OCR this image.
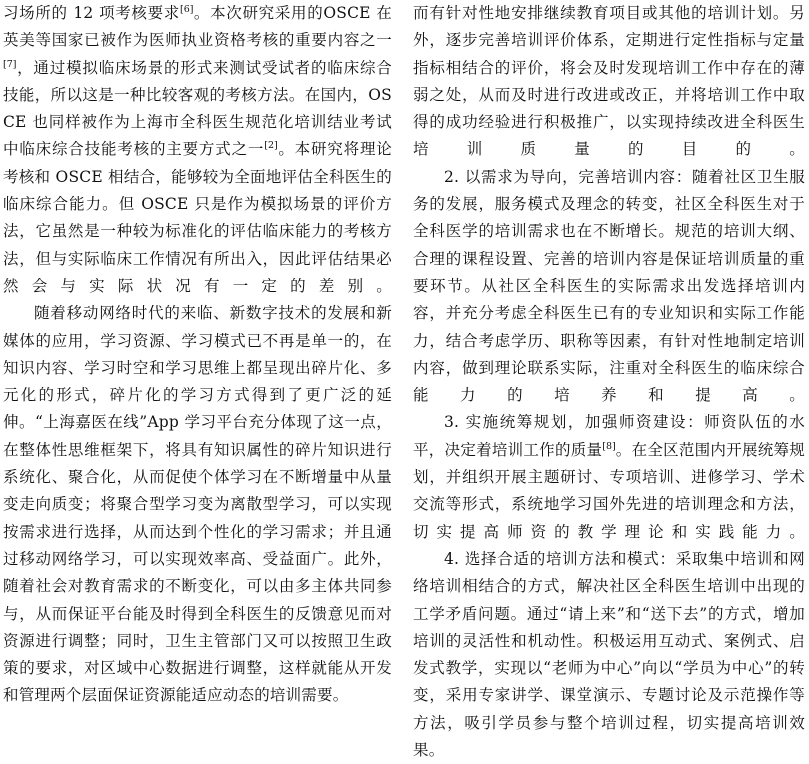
习场所的 12 项考核要求[6]。本次研究采用的OSCE 在英美等国家已被作为医师执业资格考核的重要内容之一[7]，通过模拟临床场景的形式来测试受试者的临床综合技能，所以这是一种比较客观的考核方法。在国内，OSCE 也同样被作为上海市全科医生规范化培训结业考试中临床综合技能考核的主要方式之一[2]。本研究将理论考核和 OSCE 相结合，能够较为全面地评估全科医生的临床综合能力。但 OSCE 只是作为模拟场景的评价方法，它虽然是一种较为标准化的评估临床能力的考核方法，但与实际临床工作情况有所出入，因此评估结果必然会与实际状况有一定的差别。

随着移动网络时代的来临、新数字技术的发展和新媒体的应用，学习资源、学习模式已不再是单一的，在知识内容、学习时空和学习思维上都呈现出碎片化、多元化的形式，碎片化的学习方式得到了更广泛的延伸。“上海嘉医在线”App 学习平台充分体现了这一点，在整体性思维框架下，将具有知识属性的碎片知识进行系统化、聚合化，从而促使个体学习在不断增量中从量变走向质变；将聚合型学习变为离散型学习，可以实现按需求进行选择，从而达到个性化的学习需求；并且通过移动网络学习，可以实现效率高、受益面广。此外，随着社会对教育需求的不断变化，可以由多主体共同参与，从而保证平台能及时得到全科医生的反馈意见而对资源进行调整；同时，卫生主管部门又可以按照卫生政策的要求，对区域中心数据进行调整，这样就能从开发和管理两个层面保证资源能适应动态的培训需要。

而有针对性地安排继续教育项目或其他的培训计划。另外，逐步完善培训评价体系，定期进行定性指标与定量指标相结合的评价，将会及时发现培训工作中存在的薄弱之处，从而及时进行改进或改正，并将培训工作中取得的成功经验进行积极推广，以实现持续改进全科医生培训质量的目的。

2. 以需求为导向，完善培训内容：随着社区卫生服务的发展，服务模式及理念的转变，社区全科医生对于全科医学的培训需求也在不断增长。规范的培训大纲、合理的课程设置、完善的培训内容是保证培训质量的重要环节。从社区全科医生的实际需求出发选择培训内容，并充分考虑全科医生已有的专业知识和实际工作能力，结合考虑学历、职称等因素，有针对性地制定培训内容，做到理论联系实际，注重对全科医生的临床综合能力的培养和提高。

3. 实施统筹规划，加强师资建设：师资队伍的水平，决定着培训工作的质量[8]。在全区范围内开展统筹规划，并组织开展主题研讨、专项培训、进修学习、学术交流等形式，系统地学习国外先进的培训理念和方法，切实提高师资的教学理论和实践能力。

4. 选择合适的培训方法和模式：采取集中培训和网络培训相结合的方式，解决社区全科医生培训中出现的工学矛盾问题。通过“请上来”和“送下去”的方式，增加培训的灵活性和机动性。积极运用互动式、案例式、启发式教学，实现以“老师为中心”向以“学员为中心”的转变，采用专家讲学、课堂演示、专题讨论及示范操作等方法，吸引学员参与整个培训过程，切实提高培训效果。
